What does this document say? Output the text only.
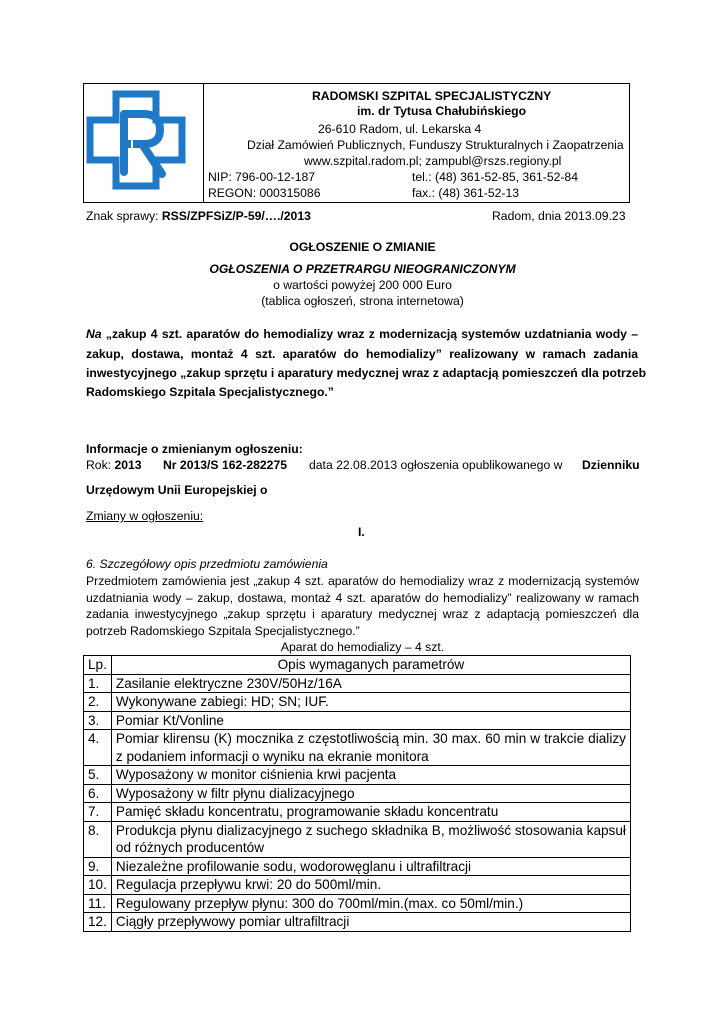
RADOMSKI SZPITAL SPECJALISTYCZNY
im. dr Tytusa Chałubińskiego
26-610 Radom, ul. Lekarska 4
Dział Zamówień Publicznych, Funduszy Strukturalnych i Zaopatrzenia
www.szpital.radom.pl; zampubl@rszs.regiony.pl
NIP: 796-00-12-187	tel.: (48) 361-52-85, 361-52-84
REGON: 000315086	fax.: (48) 361-52-13
Znak sprawy: RSS/ZPFSiZ/P-59/…./2013	Radom, dnia 2013.09.23
OGŁOSZENIE O ZMIANIE
OGŁOSZENIA O PRZETRARGU NIEOGRANICZONYM
o wartości powyżej 200 000 Euro
(tablica ogłoszeń, strona internetowa)
Na „zakup 4 szt. aparatów do hemodializy wraz z modernizacją systemów uzdatniania wody –
zakup, dostawa, montaż 4 szt. aparatów do hemodializy” realizowany w ramach zadania
inwestycyjnego „zakup sprzętu i aparatury medycznej wraz z adaptacją pomieszczeń dla potrzeb
Radomskiego Szpitala Specjalistycznego.”
Informacje o zmienianym ogłoszeniu:
Rok: 2013 Nr 2013/S 162-282275 data 22.08.2013 ogłoszenia opublikowanego w Dzienniku
Urzędowym Unii Europejskiej o
Zmiany w ogłoszeniu:
I.
6. Szczegółowy opis przedmiotu zamówienia
Przedmiotem zamówienia jest „zakup 4 szt. aparatów do hemodializy wraz z modernizacją systemów
uzdatniania wody – zakup, dostawa, montaż 4 szt. aparatów do hemodializy” realizowany w ramach
zadania inwestycyjnego „zakup sprzętu i aparatury medycznej wraz z adaptacją pomieszczeń dla
potrzeb Radomskiego Szpitala Specjalistycznego.”
Aparat do hemodializy – 4 szt.
Lp.	Opis wymaganych parametrów
1.	Zasilanie elektryczne 230V/50Hz/16A

2.	Wykonywane zabiegi: HD; SN; IUF.

3.	Pomiar Kt/Vonline

4.	Pomiar klirensu (K) mocznika z częstotliwością min. 30 max. 60 min w trakcie dializy
z podaniem informacji o wyniku na ekranie monitora

5.	Wyposażony w monitor ciśnienia krwi pacjenta

6.	Wyposażony w filtr płynu dializacyjnego

7.	Pamięć składu koncentratu, programowanie składu koncentratu

8.	Produkcja płynu dializacyjnego z suchego składnika B, możliwość stosowania kapsuł
od różnych producentów

9.	Niezależne profilowanie sodu, wodorowęglanu i ultrafiltracji

10.	Regulacja przepływu krwi: 20 do 500ml/min.

11.	Regulowany przepływ płynu: 300 do 700ml/min.(max. co 50ml/min.)

12.	Ciągły przepływowy pomiar ultrafiltracji
